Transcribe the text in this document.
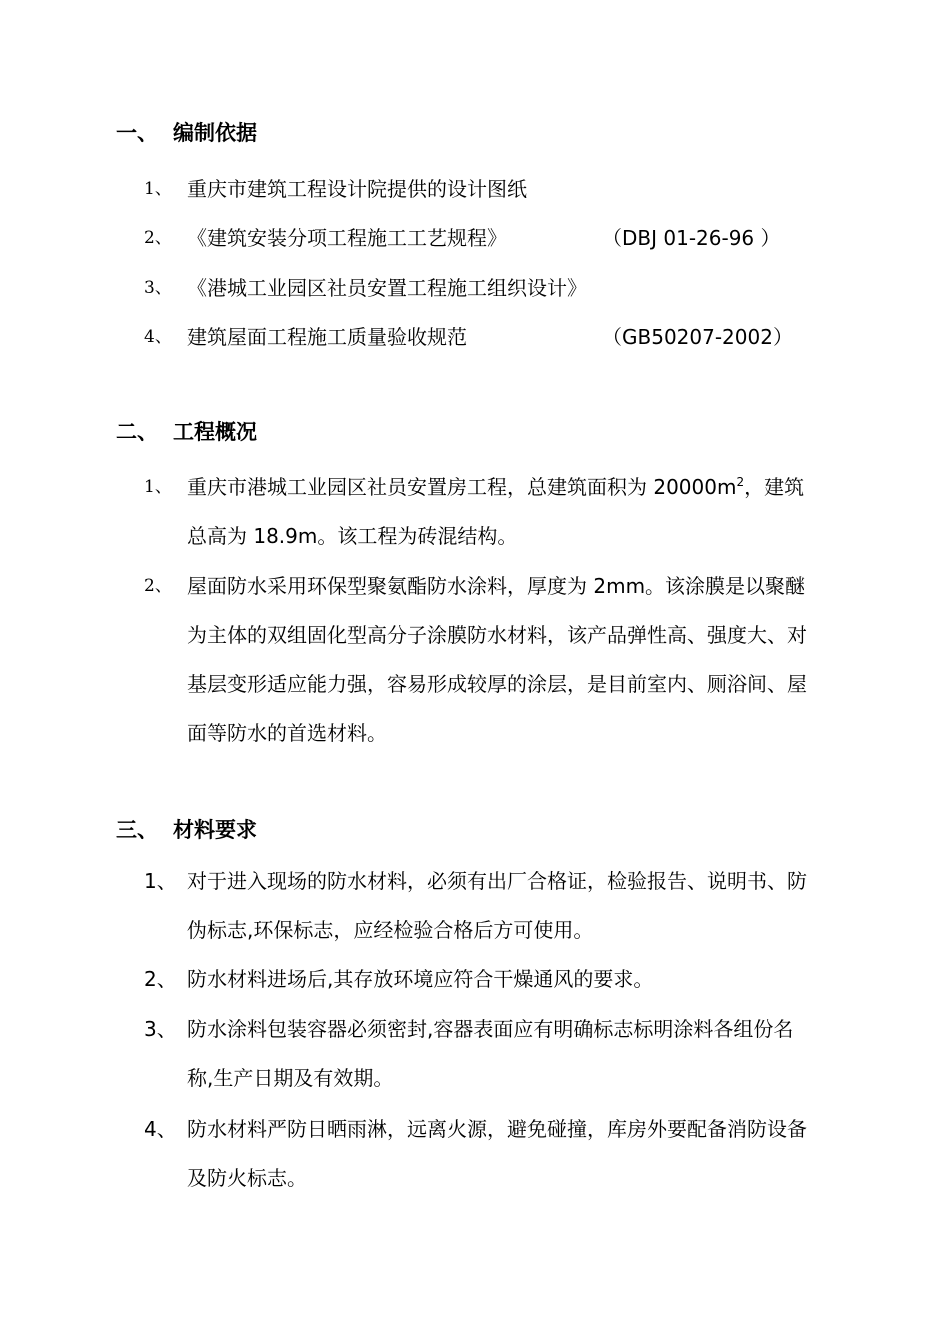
一、 编制依据
1、 重庆市建筑工程设计院提供的设计图纸
2、 《建筑安装分项工程施工工艺规程》	（DBJ 01-26-96 ）
3、 《港城工业园区社员安置工程施工组织设计》
4、 建筑屋面工程施工质量验收规范	（GB50207-2002）
二、 工程概况
1、 重庆市港城工业园区社员安置房工程，总建筑面积为 $20000m^2$，建筑总高为 18.9m。该工程为砖混结构。
2、 屋面防水采用环保型聚氨酯防水涂料，厚度为 2mm。该涂膜是以聚醚为主体的双组固化型高分子涂膜防水材料，该产品弹性高、强度大、对基层变形适应能力强，容易形成较厚的涂层，是目前室内、厕浴间、屋面等防水的首选材料。
三、 材料要求
1、 对于进入现场的防水材料，必须有出厂合格证，检验报告、说明书、防伪标志,环保标志，应经检验合格后方可使用。
2、 防水材料进场后,其存放环境应符合干燥通风的要求。
3、 防水涂料包装容器必须密封,容器表面应有明确标志标明涂料各组份名称,生产日期及有效期。
4、 防水材料严防日晒雨淋，远离火源，避免碰撞，库房外要配备消防设备及防火标志。
